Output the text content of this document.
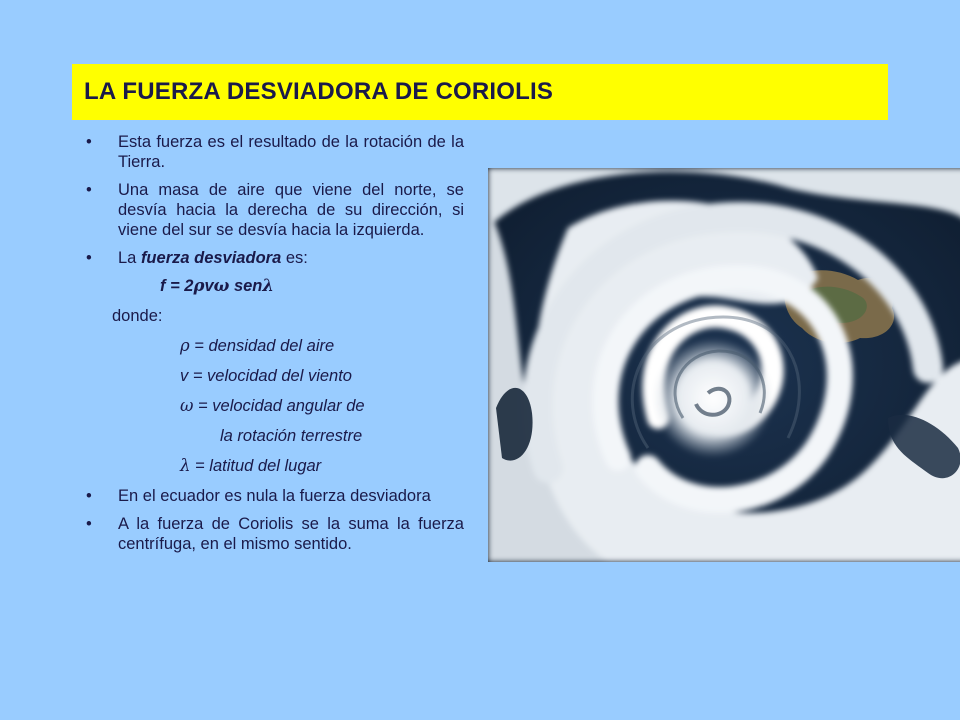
LA FUERZA DESVIADORA DE CORIOLIS
• Esta fuerza es el resultado de la rotación de la Tierra.
• Una masa de aire que viene del norte, se desvía hacia la derecha de su dirección, si viene del sur se desvía hacia la izquierda.
• La fuerza desviadora es:
f = 2ρvω senλ
donde:
ρ = densidad del aire
v = velocidad del viento
ω = velocidad angular de
la rotación terrestre
λ = latitud del lugar
• En el ecuador es nula la fuerza desviadora
• A la fuerza de Coriolis se la suma la fuerza centrífuga, en el mismo sentido.
